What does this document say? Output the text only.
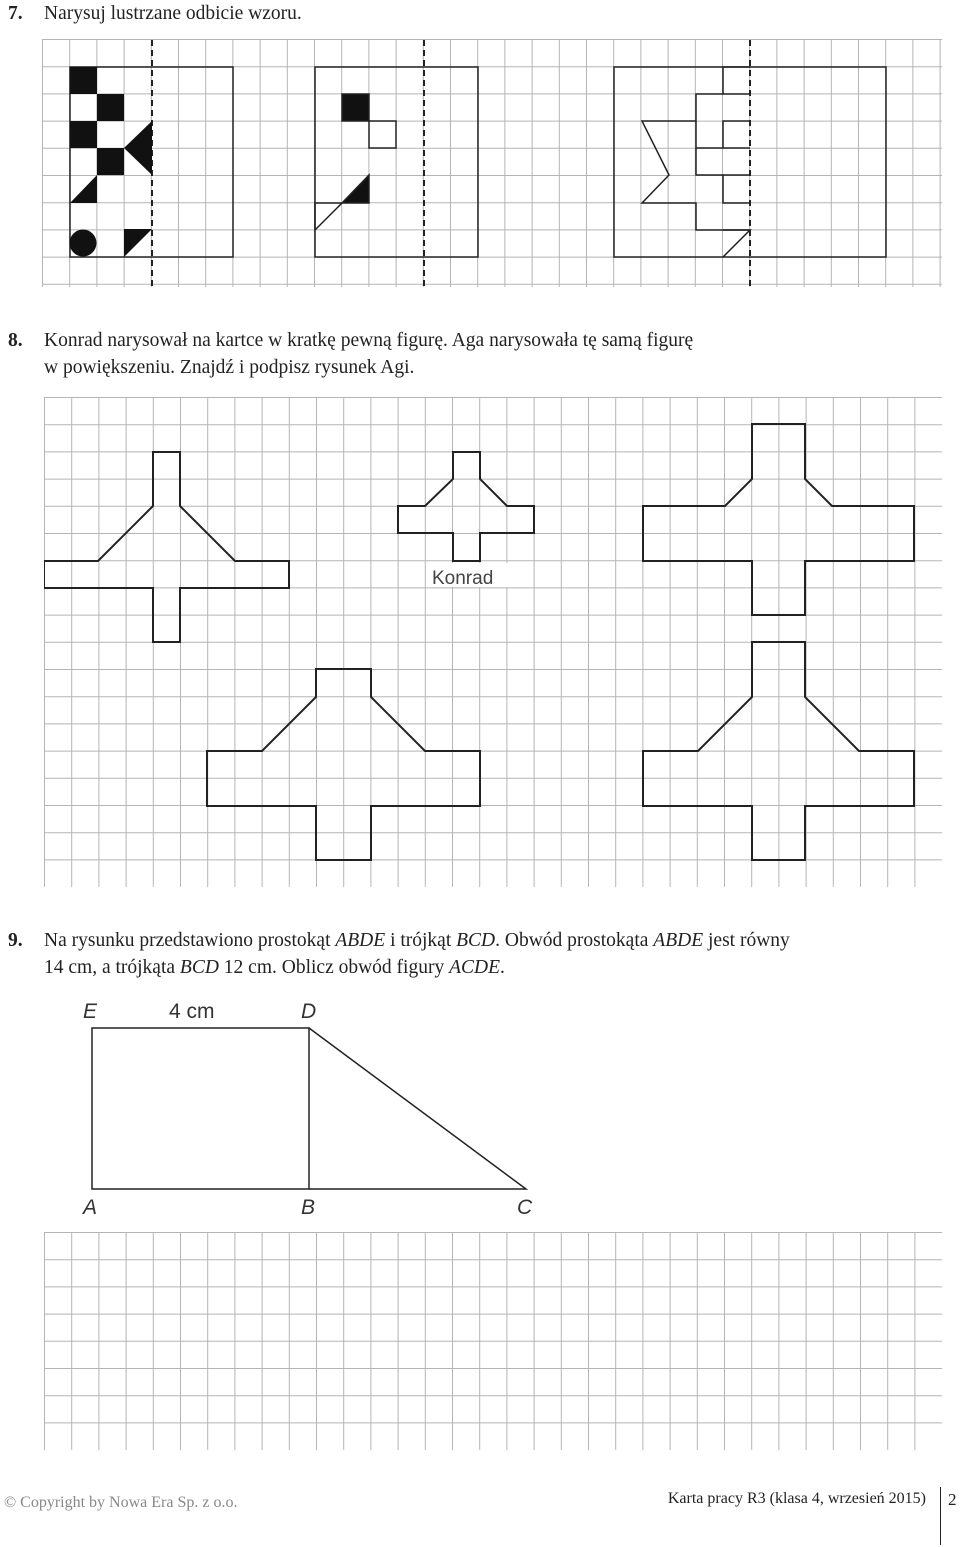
7. Narysuj lustrzane odbicie wzoru.
8. Konrad narysował na kartce w kratkę pewną figurę. Aga narysowała tę samą figurę
w powiększeniu. Znajdź i podpisz rysunek Agi.
Konrad
9. Na rysunku przedstawiono prostokąt ABDE i trójkąt BCD. Obwód prostokąta ABDE jest równy
14 cm, a trójkąta BCD 12 cm. Oblicz obwód figury ACDE.
E	4 cm	D
A	B	C
© Copyright by Nowa Era Sp. z o.o.	Karta pracy R3 (klasa 4, wrzesień 2015) 2
